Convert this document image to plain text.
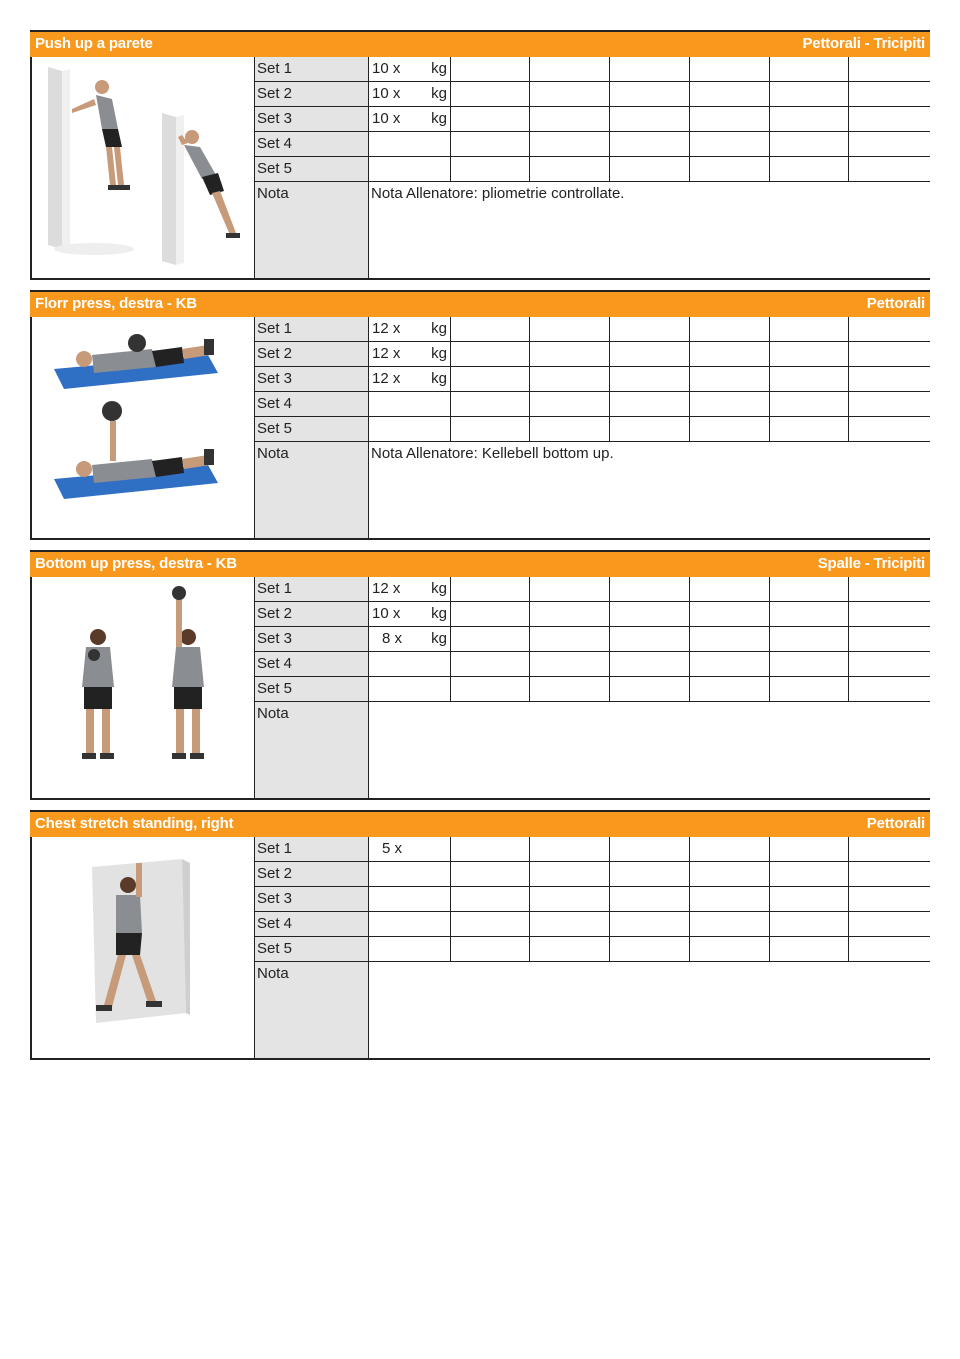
Push up a parete	Pettorali - Tricipiti
Set 1	10 x kg
Set 2	10 x kg
Set 3	10 x kg
Set 4
Set 5
Nota	Nota Allenatore: pliometrie controllate.
Florr press, destra - KB	Pettorali
Set 1	12 x kg
Set 2	12 x kg
Set 3	12 x kg
Set 4
Set 5
Nota	Nota Allenatore: Kellebell bottom up.
Bottom up press, destra - KB	Spalle - Tricipiti
Set 1	12 x kg
Set 2	10 x kg
Set 3	8 x kg
Set 4
Set 5
Nota
Chest stretch standing, right	Pettorali
Set 1	5 x
Set 2
Set 3
Set 4
Set 5
Nota
